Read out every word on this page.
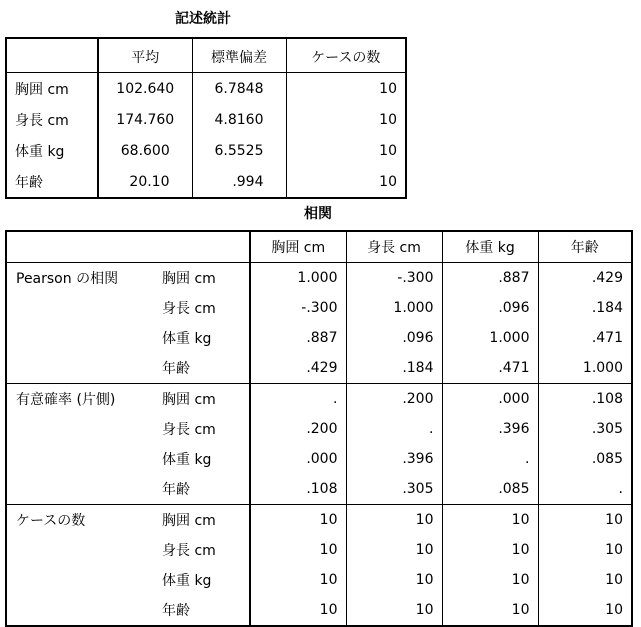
記述統計
	平均	標準偏差	ケースの数
胸囲 cm	102.640	6.7848	10
身長 cm	174.760	4.8160	10
体重 kg	68.600	6.5525	10
年齢	20.10	.994	10
相関
		胸囲 cm	身長 cm	体重 kg	年齢
Pearson の相関	胸囲 cm	1.000	-.300	.887	.429
	身長 cm	-.300	1.000	.096	.184
	体重 kg	.887	.096	1.000	.471
	年齢	.429	.184	.471	1.000
有意確率 (片側)	胸囲 cm	.	.200	.000	.108
	身長 cm	.200	.	.396	.305
	体重 kg	.000	.396	.	.085
	年齢	.108	.305	.085	.
ケースの数	胸囲 cm	10	10	10	10
	身長 cm	10	10	10	10
	体重 kg	10	10	10	10
	年齢	10	10	10	10
